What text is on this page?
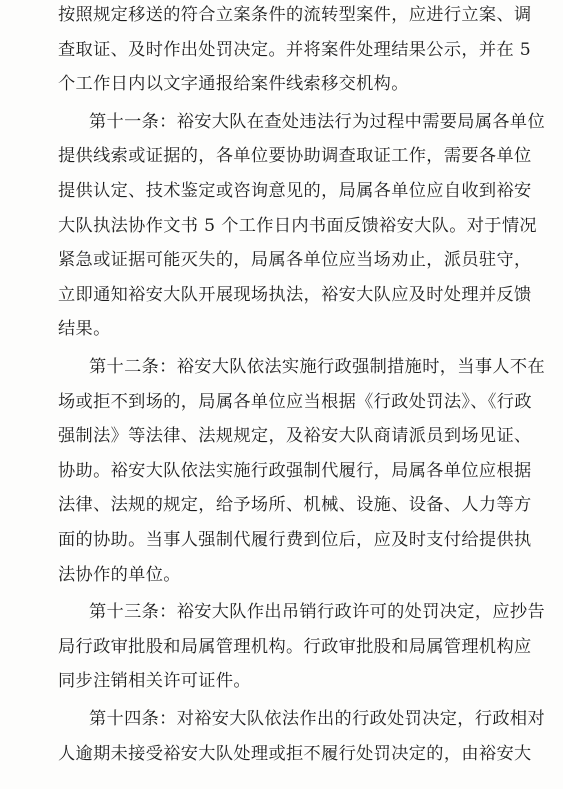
按照规定移送的符合立案条件的流转型案件，应进行立案、调
查取证、及时作出处罚决定。并将案件处理结果公示，并在 5
个工作日内以文字通报给案件线索移交机构。
第十一条：裕安大队在查处违法行为过程中需要局属各单位
提供线索或证据的，各单位要协助调查取证工作，需要各单位
提供认定、技术鉴定或咨询意见的，局属各单位应自收到裕安
大队执法协作文书 5 个工作日内书面反馈裕安大队。对于情况
紧急或证据可能灭失的，局属各单位应当场劝止，派员驻守，
立即通知裕安大队开展现场执法，裕安大队应及时处理并反馈
结果。
第十二条：裕安大队依法实施行政强制措施时，当事人不在
场或拒不到场的，局属各单位应当根据《行政处罚法》、《行政
强制法》等法律、法规规定，及裕安大队商请派员到场见证、
协助。裕安大队依法实施行政强制代履行，局属各单位应根据
法律、法规的规定，给予场所、机械、设施、设备、人力等方
面的协助。当事人强制代履行费到位后，应及时支付给提供执
法协作的单位。
第十三条：裕安大队作出吊销行政许可的处罚决定，应抄告
局行政审批股和局属管理机构。行政审批股和局属管理机构应
同步注销相关许可证件。
第十四条：对裕安大队依法作出的行政处罚决定，行政相对
人逾期未接受裕安大队处理或拒不履行处罚决定的，由裕安大
